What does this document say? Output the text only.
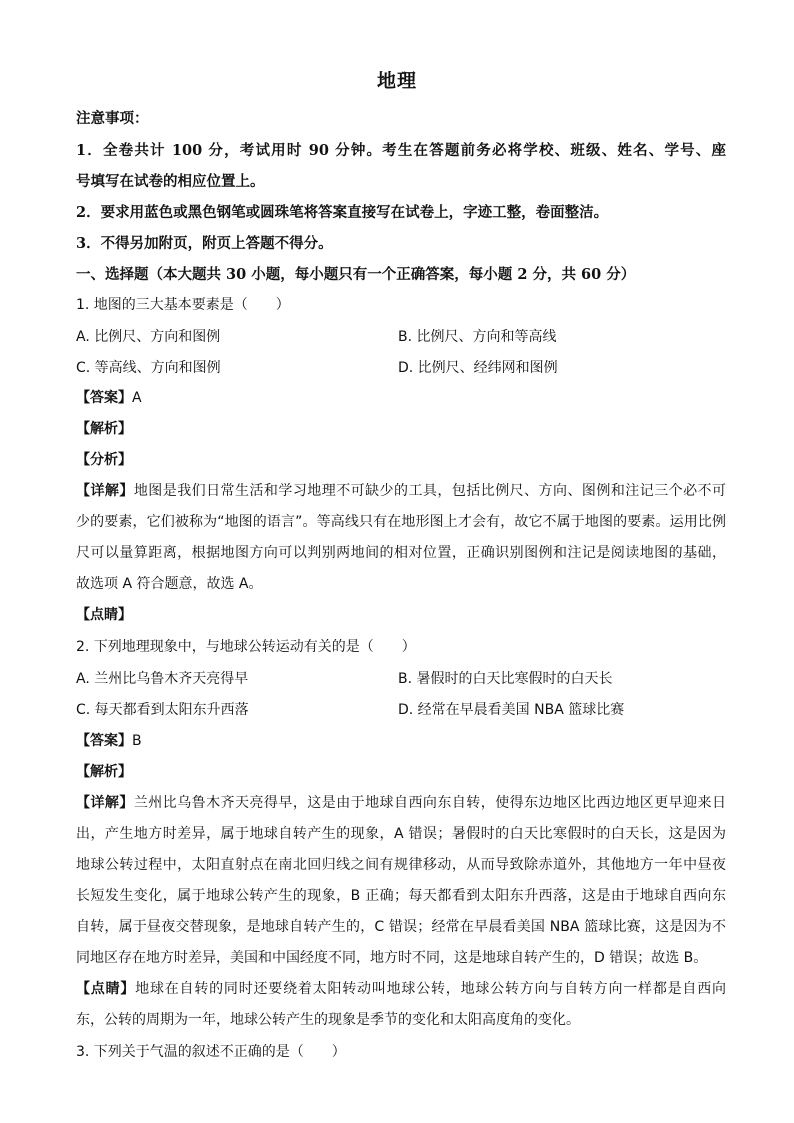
地理
注意事项：
1．全卷共计 100 分，考试用时 90 分钟。考生在答题前务必将学校、班级、姓名、学号、座
号填写在试卷的相应位置上。
2．要求用蓝色或黑色钢笔或圆珠笔将答案直接写在试卷上，字迹工整，卷面整洁。
3．不得另加附页，附页上答题不得分。
一、选择题（本大题共 30 小题，每小题只有一个正确答案，每小题 2 分，共 60 分）
1. 地图的三大基本要素是（　　）
A. 比例尺、方向和图例	B. 比例尺、方向和等高线
C. 等高线、方向和图例	D. 比例尺、经纬网和图例
【答案】A
【解析】
【分析】
【详解】地图是我们日常生活和学习地理不可缺少的工具，包括比例尺、方向、图例和注记三个必不可
少的要素，它们被称为“地图的语言”。等高线只有在地形图上才会有，故它不属于地图的要素。运用比例
尺可以量算距离，根据地图方向可以判别两地间的相对位置，正确识别图例和注记是阅读地图的基础，
故选项 A 符合题意，故选 A。
【点睛】
2. 下列地理现象中，与地球公转运动有关的是（　　）
A. 兰州比乌鲁木齐天亮得早	B. 暑假时的白天比寒假时的白天长
C. 每天都看到太阳东升西落	D. 经常在早晨看美国 NBA 篮球比赛
【答案】B
【解析】
【详解】兰州比乌鲁木齐天亮得早，这是由于地球自西向东自转，使得东边地区比西边地区更早迎来日
出，产生地方时差异，属于地球自转产生的现象，A 错误；暑假时的白天比寒假时的白天长，这是因为
地球公转过程中，太阳直射点在南北回归线之间有规律移动，从而导致除赤道外，其他地方一年中昼夜
长短发生变化，属于地球公转产生的现象，B 正确；每天都看到太阳东升西落，这是由于地球自西向东
自转，属于昼夜交替现象，是地球自转产生的，C 错误；经常在早晨看美国 NBA 篮球比赛，这是因为不
同地区存在地方时差异，美国和中国经度不同，地方时不同，这是地球自转产生的，D 错误；故选 B。
【点睛】地球在自转的同时还要绕着太阳转动叫地球公转，地球公转方向与自转方向一样都是自西向
东，公转的周期为一年，地球公转产生的现象是季节的变化和太阳高度角的变化。
3. 下列关于气温的叙述不正确的是（　　）
